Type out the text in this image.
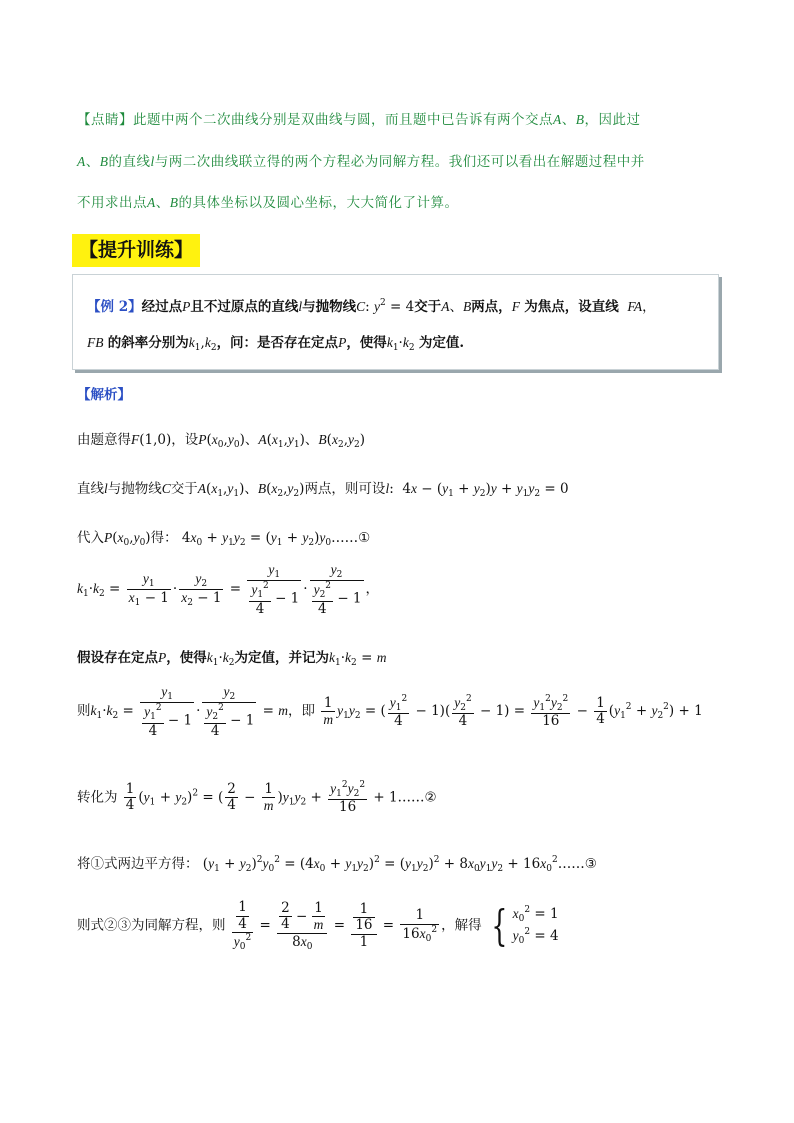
【点睛】此题中两个二次曲线分别是双曲线与圆，而且题中已告诉有两个交点A、B，因此过
A、B的直线l与两二次曲线联立得的两个方程必为同解方程。我们还可以看出在解题过程中并
不用求出点A、B的具体坐标以及圆心坐标，大大简化了计算。
【提升训练】
【例 2】经过点P且不过原点的直线l与抛物线C: $y^2 = 4$交于A、B两点，F 为焦点，设直线 FA，
FB 的斜率分别为$k_1,k_2$，问：是否存在定点P，使得$k_1\cdot k_2$ 为定值.
【解析】
由题意得F(1,0)，设$P(x_0,y_0)$、$A(x_1,y_1)$、$B(x_2,y_2)$
直线l与抛物线C交于$A(x_1,y_1)$、$B(x_2,y_2)$两点，则可设l:  $4x - (y_1 + y_2)y + y_1y_2 = 0$
代入$P(x_0,y_0)$得： $4x_0 + y_1y_2 = (y_1$ + $y_2)y_0\dots\dots ①$
$k_1\cdot k_2 = \frac{y_1}{x_1 - 1} \cdot \frac{y_2}{x_2 - 1} = \frac{y_1}{\frac{y_1^2}{4} - 1} \cdot \frac{y_2}{\frac{y_2^2}{4} - 1}$ ，
假设存在定点P，使得$k_1\cdot k_2$为定值，并记为$k_1\cdot k_2 = m$
则$k_1\cdot k_2 = \frac{y_1}{\frac{y_1^2}{4} - 1} \cdot \frac{y_2}{\frac{y_2^2}{4} - 1} = m$，即 $\frac{1}{m} y_1y_2$ = ( $\frac{y_1^2}{4} - 1)( \frac{y_2^2}{4} - 1) = \frac{y_1^2y_2^2}{16} - \frac{1}{4} (y_1^2 + y_2^2) + 1$
转化为 $\frac{1}{4} (y_1 + y_2)^2$ = ( $\frac{2}{4} - \frac{1}{m} )y_1y_2 + \frac{y_1^2y_2^2}{16}$ + 1……②
将①式两边平方得： $(y_1 + y_2)^2y_0^2 = (4x_0 + y_1y_2)^2 = (y_1y_2)^2 + 8x_0y_1y_2$ + $16x_0^2\dots\dots ③$
则式②③为同解方程，则 $\frac{\frac{1}{4}}{y_0^2} = \frac{\frac{2}{4} - \frac{1}{m}}{8x_0} = \frac{\frac{1}{16}}{1} = \frac{1}{16x_0^2}$ ，解得 { $x_0^2 = 1$
$y_0^2 = 4$
